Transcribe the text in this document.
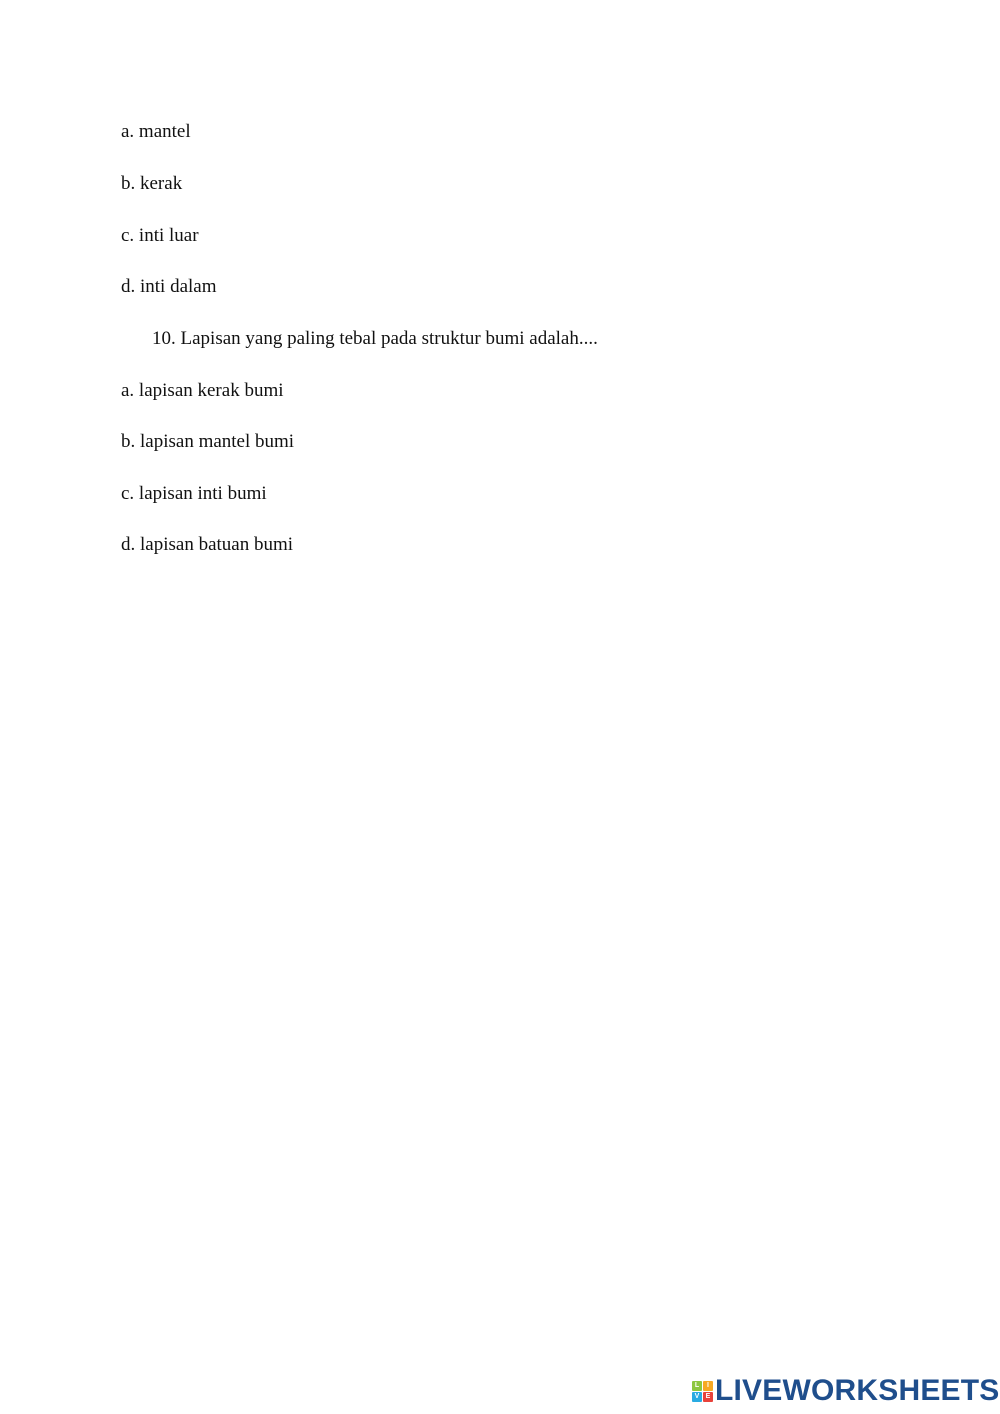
a. mantel
b. kerak
c. inti luar
d. inti dalam
10. Lapisan yang paling tebal pada struktur bumi adalah....
a. lapisan kerak bumi
b. lapisan mantel bumi
c. lapisan inti bumi
d. lapisan batuan bumi
L	I
V E LIVEWORKSHEETS
